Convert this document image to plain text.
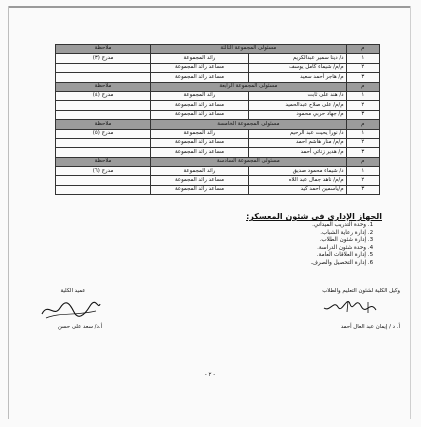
م	مسئولى المجموعة الثالثة		ملاحظة
١	د/ دينا سمير عبدالكريم	رائد المجموعة	مدرج (٣)
٢	م/م/ شيماء كامل يوسف	مساعد رائد المجموعة	
٣	م/ هاجر أحمد سعيد	مساعد رائد المجموعة	
م	مسئولى المجموعة الرابعة		ملاحظة
١	د/ هند على ثابت	رائد المجموعة	مدرج (٤)
٢	م/م/ على صلاح عبدالحميد	مساعد رائد المجموعة	
٣	م/ جهاد حربي محمود	مساعد رائد المجموعة	
م	مسئولى المجموعة الخامسة		ملاحظة
١	د/ نورا يحيت عبد الرحيم	رائد المجموعة	مدرج (٥)
٢	م/م/ منار هاشم أحمد	مساعد رائد المجموعة	
٣	م/ هدير زناتي أحمد	مساعد رائد المجموعة	
م	مسئولى المجموعة السادسة		ملاحظة
١	د/ شيماء محمود صديق	رائد المجموعة	مدرج (٦)
٢	م/م/ ناهد جمال عبد اللاه	مساعد رائد المجموعة	
٣	م/ياسمين أحمد كيد	مساعد رائد المجموعة	
الجهاز الإدارى فى شئون المعسكر:
1. وحدة التدريب الميداني.
2. إدارة رعاية الشباب.
3. إدارة شئون الطلاب.
4. وحدة شئون الدراسة.
5. إدارة العلاقات العامة.
6. إدارة التحصيل والصرف.
وكيل الكلية لشئون التعليم والطلاب
أ. د / إيمان عبد العال أحمد
عميد الكلية
أ.د/ سعد على حسن
- ٢ -
